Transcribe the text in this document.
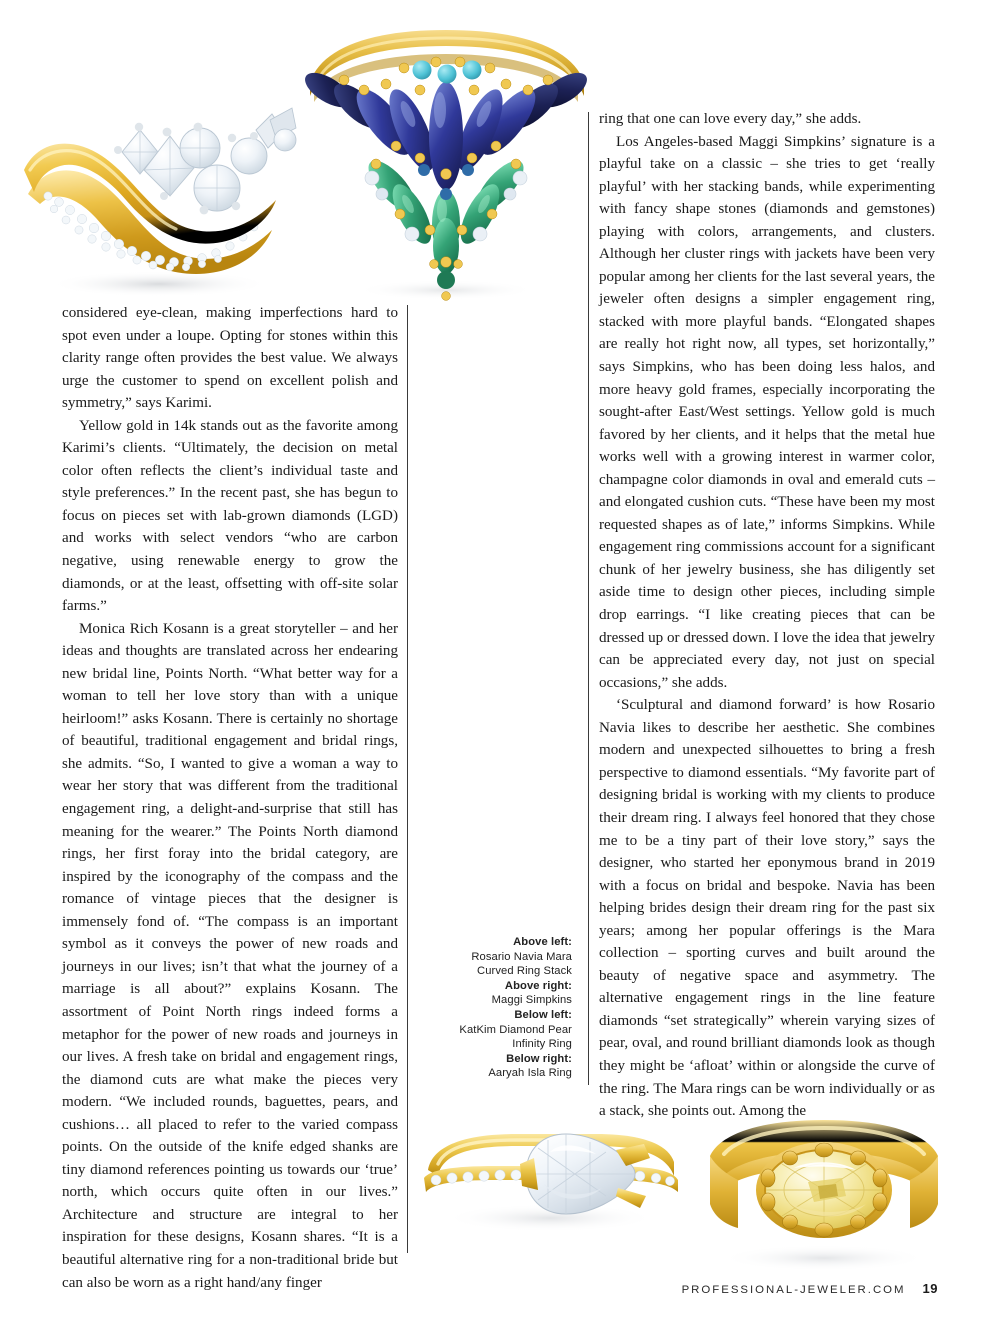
considered eye-clean, making imperfections hard to spot even under a loupe. Opting for stones within this clarity range often provides the best value. We always urge the customer to spend on excellent polish and symmetry,” says Karimi.

Yellow gold in 14k stands out as the favorite among Karimi’s clients. “Ultimately, the decision on metal color often reflects the client’s individual taste and style preferences.” In the recent past, she has begun to focus on pieces set with lab-grown diamonds (LGD) and works with select vendors “who are carbon negative, using renewable energy to grow the diamonds, or at the least, offsetting with off-site solar farms.”

Monica Rich Kosann is a great storyteller – and her ideas and thoughts are translated across her endearing new bridal line, Points North. “What better way for a woman to tell her love story than with a unique heirloom!” asks Kosann. There is certainly no shortage of beautiful, traditional engagement and bridal rings, she admits. “So, I wanted to give a woman a way to wear her story that was different from the traditional engagement ring, a delight-and-surprise that still has meaning for the wearer.” The Points North diamond rings, her first foray into the bridal category, are inspired by the iconography of the compass and the romance of vintage pieces that the designer is immensely fond of. “The compass is an important symbol as it conveys the power of new roads and journeys in our lives; isn’t that what the journey of a marriage is all about?” explains Kosann. The assortment of Point North rings indeed forms a metaphor for the power of new roads and journeys in our lives. A fresh take on bridal and engagement rings, the diamond cuts are what make the pieces very modern. “We included rounds, baguettes, pears, and cushions… all placed to refer to the varied compass points. On the outside of the knife edged shanks are tiny diamond references pointing us towards our ‘true’ north, which occurs quite often in our lives.” Architecture and structure are integral to her inspiration for these designs, Kosann shares. “It is a beautiful alternative ring for a non-traditional bride but can also be worn as a right hand/any finger

ring that one can love every day,” she adds.

Los Angeles-based Maggi Simpkins’ signature is a playful take on a classic – she tries to get ‘really playful’ with her stacking bands, while experimenting with fancy shape stones (diamonds and gemstones) playing with colors, arrangements, and clusters. Although her cluster rings with jackets have been very popular among her clients for the last several years, the jeweler often designs a simpler engagement ring, stacked with more playful bands. “Elongated shapes are really hot right now, all types, set horizontally,” says Simpkins, who has been doing less halos, and more heavy gold frames, especially incorporating the sought-after East/West settings. Yellow gold is much favored by her clients, and it helps that the metal hue works well with a growing interest in warmer color, champagne color diamonds in oval and emerald cuts – and elongated cushion cuts. “These have been my most requested shapes as of late,” informs Simpkins. While engagement ring commissions account for a significant chunk of her jewelry business, she has diligently set aside time to design other pieces, including simple drop earrings. “I like creating pieces that can be dressed up or dressed down. I love the idea that jewelry can be appreciated every day, not just on special occasions,” she adds.

‘Sculptural and diamond forward’ is how Rosario Navia likes to describe her aesthetic. She combines modern and unexpected silhouettes to bring a fresh perspective to diamond essentials. “My favorite part of designing bridal is working with my clients to produce their dream ring. I always feel honored that they chose me to be a tiny part of their love story,” says the designer, who started her eponymous brand in 2019 with a focus on bridal and bespoke. Navia has been helping brides design their dream ring for the past six years; among her popular offerings is the Mara collection – sporting curves and built around the beauty of negative space and asymmetry. The alternative engagement rings in the line feature diamonds “set strategically” wherein varying sizes of pear, oval, and round brilliant diamonds look as though they might be ‘afloat’ within or alongside the curve of the ring. The Mara rings can be worn individually or as a stack, she points out. Among the

Above left:
Rosario Navia Mara
Curved Ring Stack
Above right:
Maggi Simpkins
Below left:
KatKim Diamond Pear
Infinity Ring
Below right:
Aaryah Isla Ring
PROFESSIONAL-JEWELER.COM 19
